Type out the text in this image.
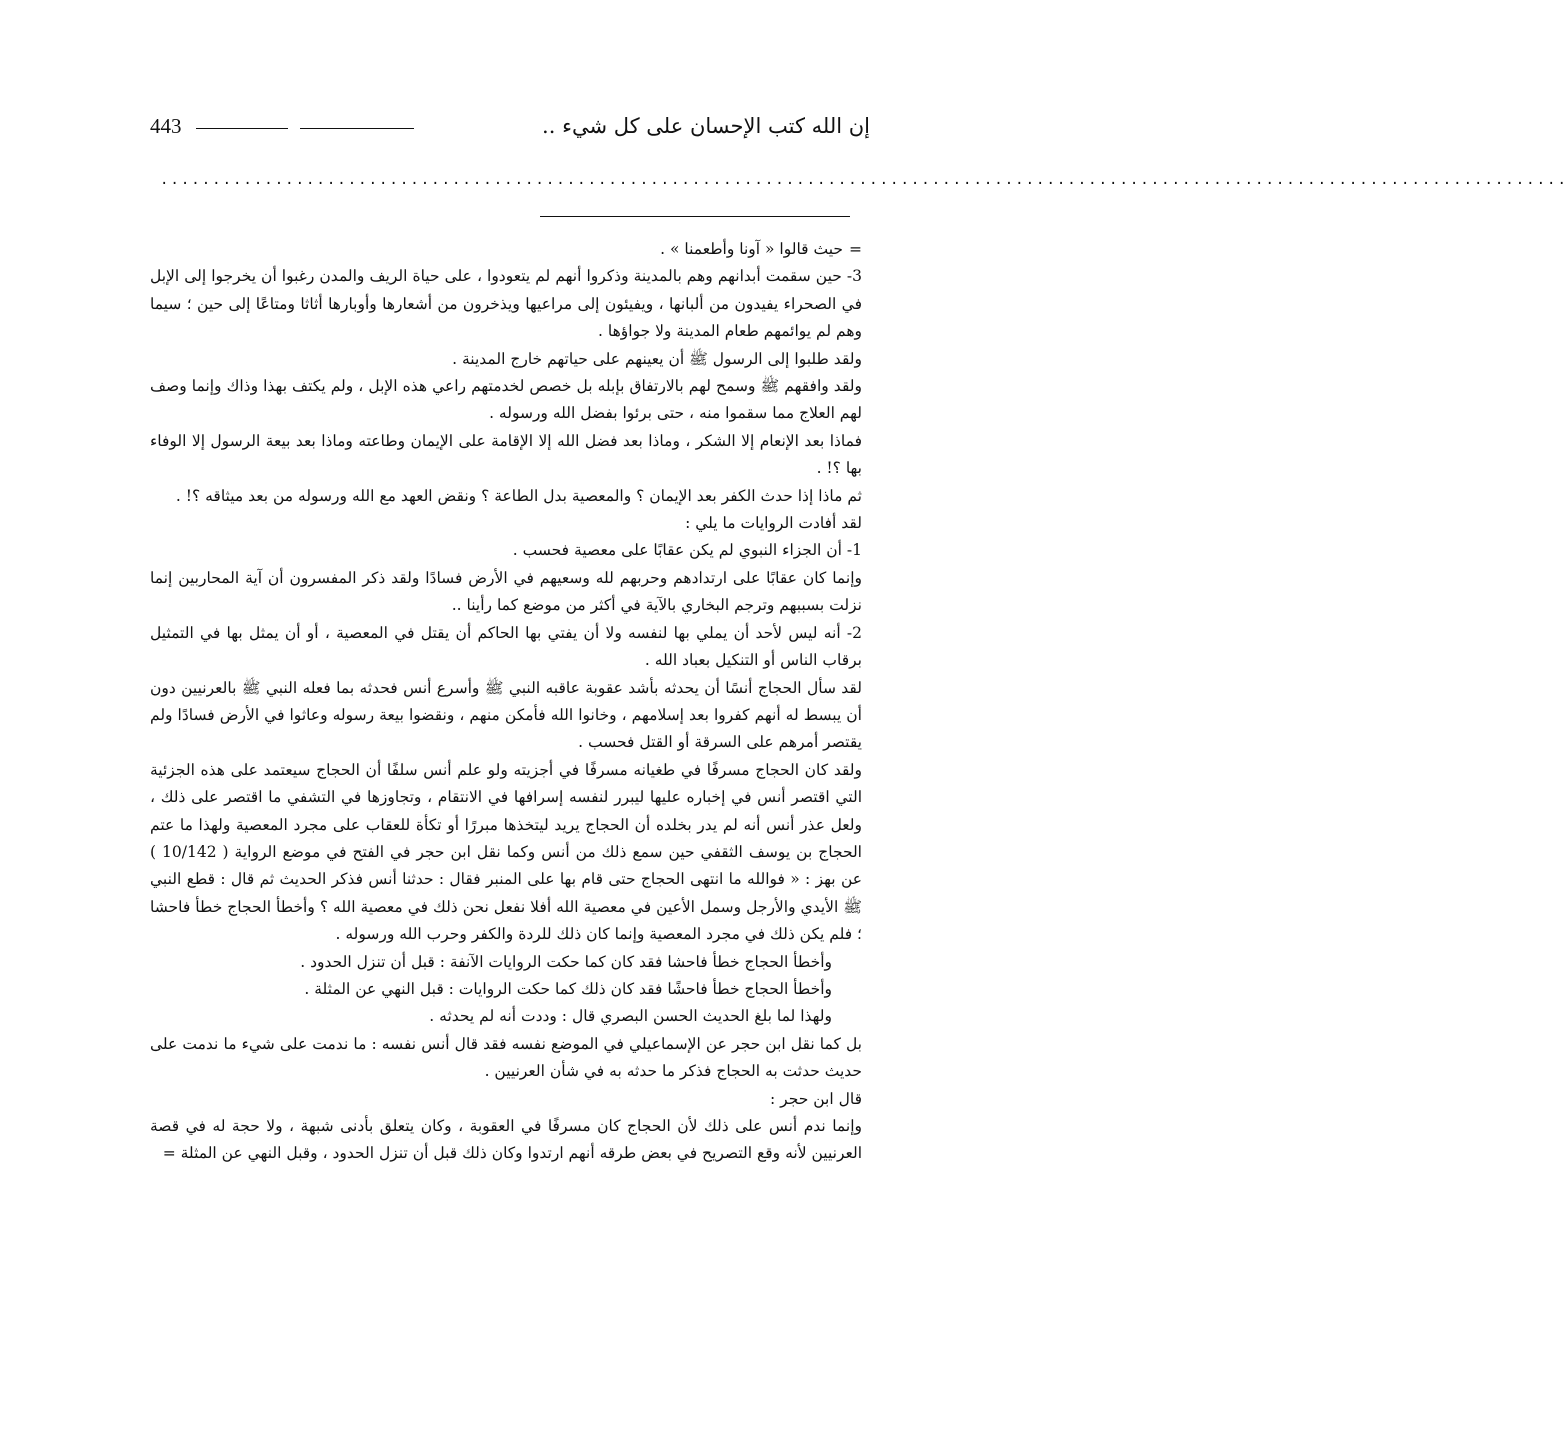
443	إن الله كتب الإحسان على كل شيء ..
.......................................................................................................................................

=حيث قالوا « آونا وأطعمنا » .

3- حين سقمت أبدانهم وهم بالمدينة وذكروا أنهم لم يتعودوا ، على حياة الريف والمدن رغبوا أن يخرجوا إلى الإبل في الصحراء يفيدون من ألبانها ، ويفيئون إلى مراعيها ويذخرون من أشعارها وأوبارها أثاثا ومتاعًا إلى حين ؛ سيما وهم لم يوائمهم طعام المدينة ولا جواؤها .

ولقد طلبوا إلى الرسول ﷺ أن يعينهم على حياتهم خارج المدينة .

ولقد وافقهم ﷺ وسمح لهم بالارتفاق بإبله بل خصص لخدمتهم راعي هذه الإبل ، ولم يكتف بهذا وذاك وإنما وصف لهم العلاج مما سقموا منه ، حتى برئوا بفضل الله ورسوله .

فماذا بعد الإنعام إلا الشكر ، وماذا بعد فضل الله إلا الإقامة على الإيمان وطاعته وماذا بعد بيعة الرسول إلا الوفاء بها ؟! .

ثم ماذا إذا حدث الكفر بعد الإيمان ؟ والمعصية بدل الطاعة ؟ ونقض العهد مع الله ورسوله من بعد ميثاقه ؟! .

لقد أفادت الروايات ما يلي :

1- أن الجزاء النبوي لم يكن عقابًا على معصية فحسب .

وإنما كان عقابًا على ارتدادهم وحربهم لله وسعيهم في الأرض فسادًا ولقد ذكر المفسرون أن آية المحاربين إنما نزلت بسببهم وترجم البخاري بالآية في أكثر من موضع كما رأينا ..

2- أنه ليس لأحد أن يملي بها لنفسه ولا أن يفتي بها الحاكم أن يقتل في المعصية ، أو أن يمثل بها في التمثيل برقاب الناس أو التنكيل بعباد الله .

لقد سأل الحجاج أنسًا أن يحدثه بأشد عقوبة عاقبه النبي ﷺ وأسرع أنس فحدثه بما فعله النبي ﷺ بالعرنيين دون أن يبسط له أنهم كفروا بعد إسلامهم ، وخانوا الله فأمكن منهم ، ونقضوا بيعة رسوله وعاثوا في الأرض فسادًا ولم يقتصر أمرهم على السرقة أو القتل فحسب .

ولقد كان الحجاج مسرفًا في طغيانه مسرفًا في أجزيته ولو علم أنس سلفًا أن الحجاج سيعتمد على هذه الجزئية التي اقتصر أنس في إخباره عليها ليبرر لنفسه إسرافها في الانتقام ، وتجاوزها في التشفي ما اقتصر على ذلك ، ولعل عذر أنس أنه لم يدر بخلده أن الحجاج يريد ليتخذها مبررًا أو تكأة للعقاب على مجرد المعصية ولهذا ما عتم الحجاج بن يوسف الثقفي حين سمع ذلك من أنس وكما نقل ابن حجر في الفتح في موضع الرواية ( 10/142 ) عن بهز : « فوالله ما انتهى الحجاج حتى قام بها على المنبر فقال : حدثنا أنس فذكر الحديث ثم قال : قطع النبي ﷺ الأيدي والأرجل وسمل الأعين في معصية الله أفلا نفعل نحن ذلك في معصية الله ؟ وأخطأ الحجاج خطأ فاحشا ؛ فلم يكن ذلك في مجرد المعصية وإنما كان ذلك للردة والكفر وحرب الله ورسوله .

وأخطأ الحجاج خطأ فاحشا فقد كان كما حكت الروايات الآنفة : قبل أن تنزل الحدود .

وأخطأ الحجاج خطأ فاحشًا فقد كان ذلك كما حكت الروايات : قبل النهي عن المثلة .

ولهذا لما بلغ الحديث الحسن البصري قال : وددت أنه لم يحدثه .

بل كما نقل ابن حجر عن الإسماعيلي في الموضع نفسه فقد قال أنس نفسه : ما ندمت على شيء ما ندمت على حديث حدثت به الحجاج فذكر ما حدثه به في شأن العرنيين .

قال ابن حجر :

وإنما ندم أنس على ذلك لأن الحجاج كان مسرفًا في العقوبة ، وكان يتعلق بأدنى شبهة ، ولا حجة له في قصة العرنيين لأنه وقع التصريح في بعض طرقه أنهم ارتدوا وكان ذلك قبل أن تنزل الحدود ، وقبل النهي عن المثلة =
